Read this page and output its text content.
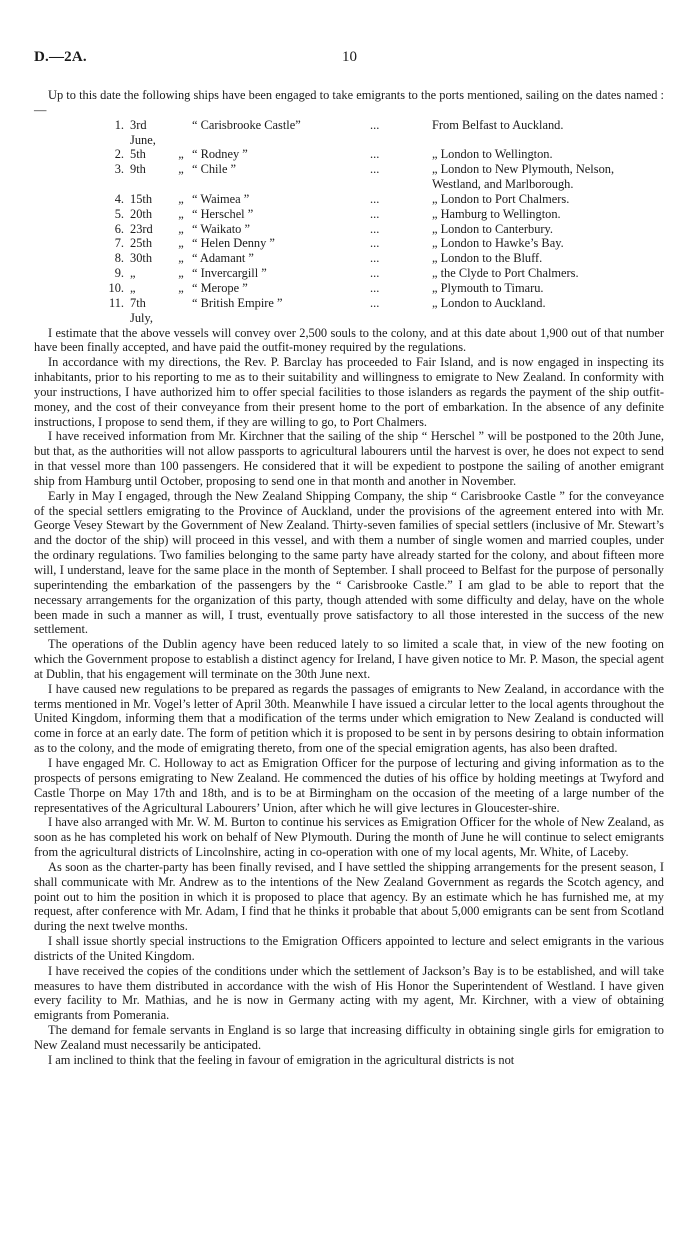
D.—2A.	10

Up to this date the following ships have been engaged to take emigrants to the ports mentioned, sailing on the dates named :—

1.	3rd June,		“ Carisbrooke Castle”	...	From Belfast to Auckland.
2.	5th	„	“ Rodney ”	...	„ London to Wellington.
3.	9th	„	“ Chile ”	...	„ London to New Plymouth, Nelson, Westland, and Marlborough.
4.	15th	„	“ Waimea ”	...	„ London to Port Chalmers.
5.	20th	„	“ Herschel ”	...	„ Hamburg to Wellington.
6.	23rd	„	“ Waikato ”	...	„ London to Canterbury.
7.	25th	„	“ Helen Denny ”	...	„ London to Hawke’s Bay.
8.	30th	„	“ Adamant ”	...	„ London to the Bluff.
9.	„	„	“ Invercargill ”	...	„ the Clyde to Port Chalmers.
10.	„	„	“ Merope ”	...	„ Plymouth to Timaru.
11.	7th July,		“ British Empire ”	...	„ London to Auckland.

I estimate that the above vessels will convey over 2,500 souls to the colony, and at this date about 1,900 out of that number have been finally accepted, and have paid the outfit-money required by the regulations.

In accordance with my directions, the Rev. P. Barclay has proceeded to Fair Island, and is now engaged in inspecting its inhabitants, prior to his reporting to me as to their suitability and willingness to emigrate to New Zealand. In conformity with your instructions, I have authorized him to offer special facilities to those islanders as regards the payment of the ship outfit-money, and the cost of their conveyance from their present home to the port of embarkation. In the absence of any definite instructions, I propose to send them, if they are willing to go, to Port Chalmers.

I have received information from Mr. Kirchner that the sailing of the ship “ Herschel ” will be postponed to the 20th June, but that, as the authorities will not allow passports to agricultural labourers until the harvest is over, he does not expect to send in that vessel more than 100 passengers. He considered that it will be expedient to postpone the sailing of another emigrant ship from Hamburg until October, proposing to send one in that month and another in November.

Early in May I engaged, through the New Zealand Shipping Company, the ship “ Carisbrooke Castle ” for the conveyance of the special settlers emigrating to the Province of Auckland, under the provisions of the agreement entered into with Mr. George Vesey Stewart by the Government of New Zealand. Thirty-seven families of special settlers (inclusive of Mr. Stewart’s and the doctor of the ship) will proceed in this vessel, and with them a number of single women and married couples, under the ordinary regulations. Two families belonging to the same party have already started for the colony, and about fifteen more will, I understand, leave for the same place in the month of September. I shall proceed to Belfast for the purpose of personally superintending the embarkation of the passengers by the “ Carisbrooke Castle.” I am glad to be able to report that the necessary arrangements for the organization of this party, though attended with some difficulty and delay, have on the whole been made in such a manner as will, I trust, eventually prove satisfactory to all those interested in the success of the new settlement.

The operations of the Dublin agency have been reduced lately to so limited a scale that, in view of the new footing on which the Government propose to establish a distinct agency for Ireland, I have given notice to Mr. P. Mason, the special agent at Dublin, that his engagement will terminate on the 30th June next.

I have caused new regulations to be prepared as regards the passages of emigrants to New Zealand, in accordance with the terms mentioned in Mr. Vogel’s letter of April 30th. Meanwhile I have issued a circular letter to the local agents throughout the United Kingdom, informing them that a modification of the terms under which emigration to New Zealand is conducted will come in force at an early date. The form of petition which it is proposed to be sent in by persons desiring to obtain information as to the colony, and the mode of emigrating thereto, from one of the special emigration agents, has also been drafted.

I have engaged Mr. C. Holloway to act as Emigration Officer for the purpose of lecturing and giving information as to the prospects of persons emigrating to New Zealand. He commenced the duties of his office by holding meetings at Twyford and Castle Thorpe on May 17th and 18th, and is to be at Birmingham on the occasion of the meeting of a large number of the representatives of the Agricultural Labourers’ Union, after which he will give lectures in Gloucester-shire.

I have also arranged with Mr. W. M. Burton to continue his services as Emigration Officer for the whole of New Zealand, as soon as he has completed his work on behalf of New Plymouth. During the month of June he will continue to select emigrants from the agricultural districts of Lincolnshire, acting in co-operation with one of my local agents, Mr. White, of Laceby.

As soon as the charter-party has been finally revised, and I have settled the shipping arrangements for the present season, I shall communicate with Mr. Andrew as to the intentions of the New Zealand Government as regards the Scotch agency, and point out to him the position in which it is proposed to place that agency. By an estimate which he has furnished me, at my request, after conference with Mr. Adam, I find that he thinks it probable that about 5,000 emigrants can be sent from Scotland during the next twelve months.

I shall issue shortly special instructions to the Emigration Officers appointed to lecture and select emigrants in the various districts of the United Kingdom.

I have received the copies of the conditions under which the settlement of Jackson’s Bay is to be established, and will take measures to have them distributed in accordance with the wish of His Honor the Superintendent of Westland. I have given every facility to Mr. Mathias, and he is now in Germany acting with my agent, Mr. Kirchner, with a view of obtaining emigrants from Pomerania.

The demand for female servants in England is so large that increasing difficulty in obtaining single girls for emigration to New Zealand must necessarily be anticipated.

I am inclined to think that the feeling in favour of emigration in the agricultural districts is not
